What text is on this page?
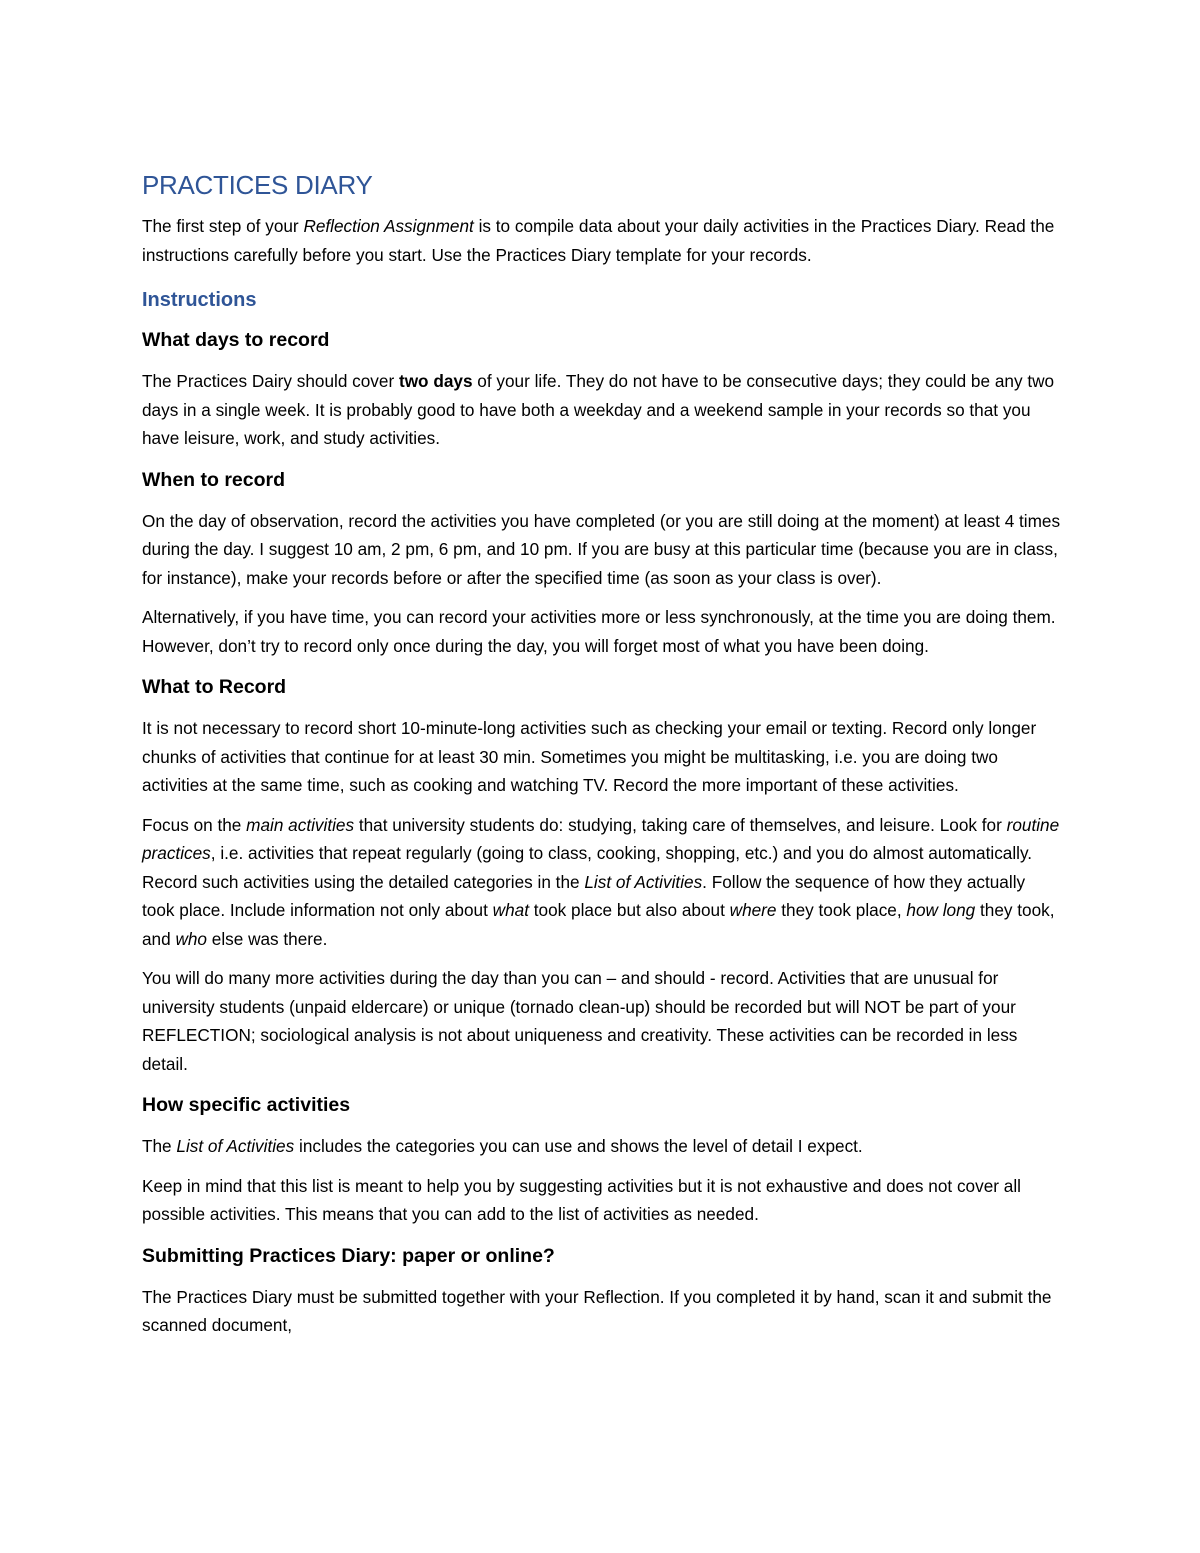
PRACTICES DIARY

The first step of your Reflection Assignment is to compile data about your daily activities in the Practices Diary. Read the instructions carefully before you start. Use the Practices Diary template for your records.

Instructions
What days to record

The Practices Dairy should cover two days of your life. They do not have to be consecutive days; they could be any two days in a single week. It is probably good to have both a weekday and a weekend sample in your records so that you have leisure, work, and study activities.

When to record

On the day of observation, record the activities you have completed (or you are still doing at the moment) at least 4 times during the day. I suggest 10 am, 2 pm, 6 pm, and 10 pm. If you are busy at this particular time (because you are in class, for instance), make your records before or after the specified time (as soon as your class is over).

Alternatively, if you have time, you can record your activities more or less synchronously, at the time you are doing them. However, don’t try to record only once during the day, you will forget most of what you have been doing.

What to Record

It is not necessary to record short 10-minute-long activities such as checking your email or texting. Record only longer chunks of activities that continue for at least 30 min. Sometimes you might be multitasking, i.e. you are doing two activities at the same time, such as cooking and watching TV. Record the more important of these activities.

Focus on the main activities that university students do: studying, taking care of themselves, and leisure. Look for routine practices, i.e. activities that repeat regularly (going to class, cooking, shopping, etc.) and you do almost automatically. Record such activities using the detailed categories in the List of Activities. Follow the sequence of how they actually took place. Include information not only about what took place but also about where they took place, how long they took, and who else was there.

You will do many more activities during the day than you can – and should - record. Activities that are unusual for university students (unpaid eldercare) or unique (tornado clean-up) should be recorded but will NOT be part of your REFLECTION; sociological analysis is not about uniqueness and creativity. These activities can be recorded in less detail.

How specific activities

The List of Activities includes the categories you can use and shows the level of detail I expect.

Keep in mind that this list is meant to help you by suggesting activities but it is not exhaustive and does not cover all possible activities. This means that you can add to the list of activities as needed.

Submitting Practices Diary: paper or online?

The Practices Diary must be submitted together with your Reflection. If you completed it by hand, scan it and submit the scanned document,
